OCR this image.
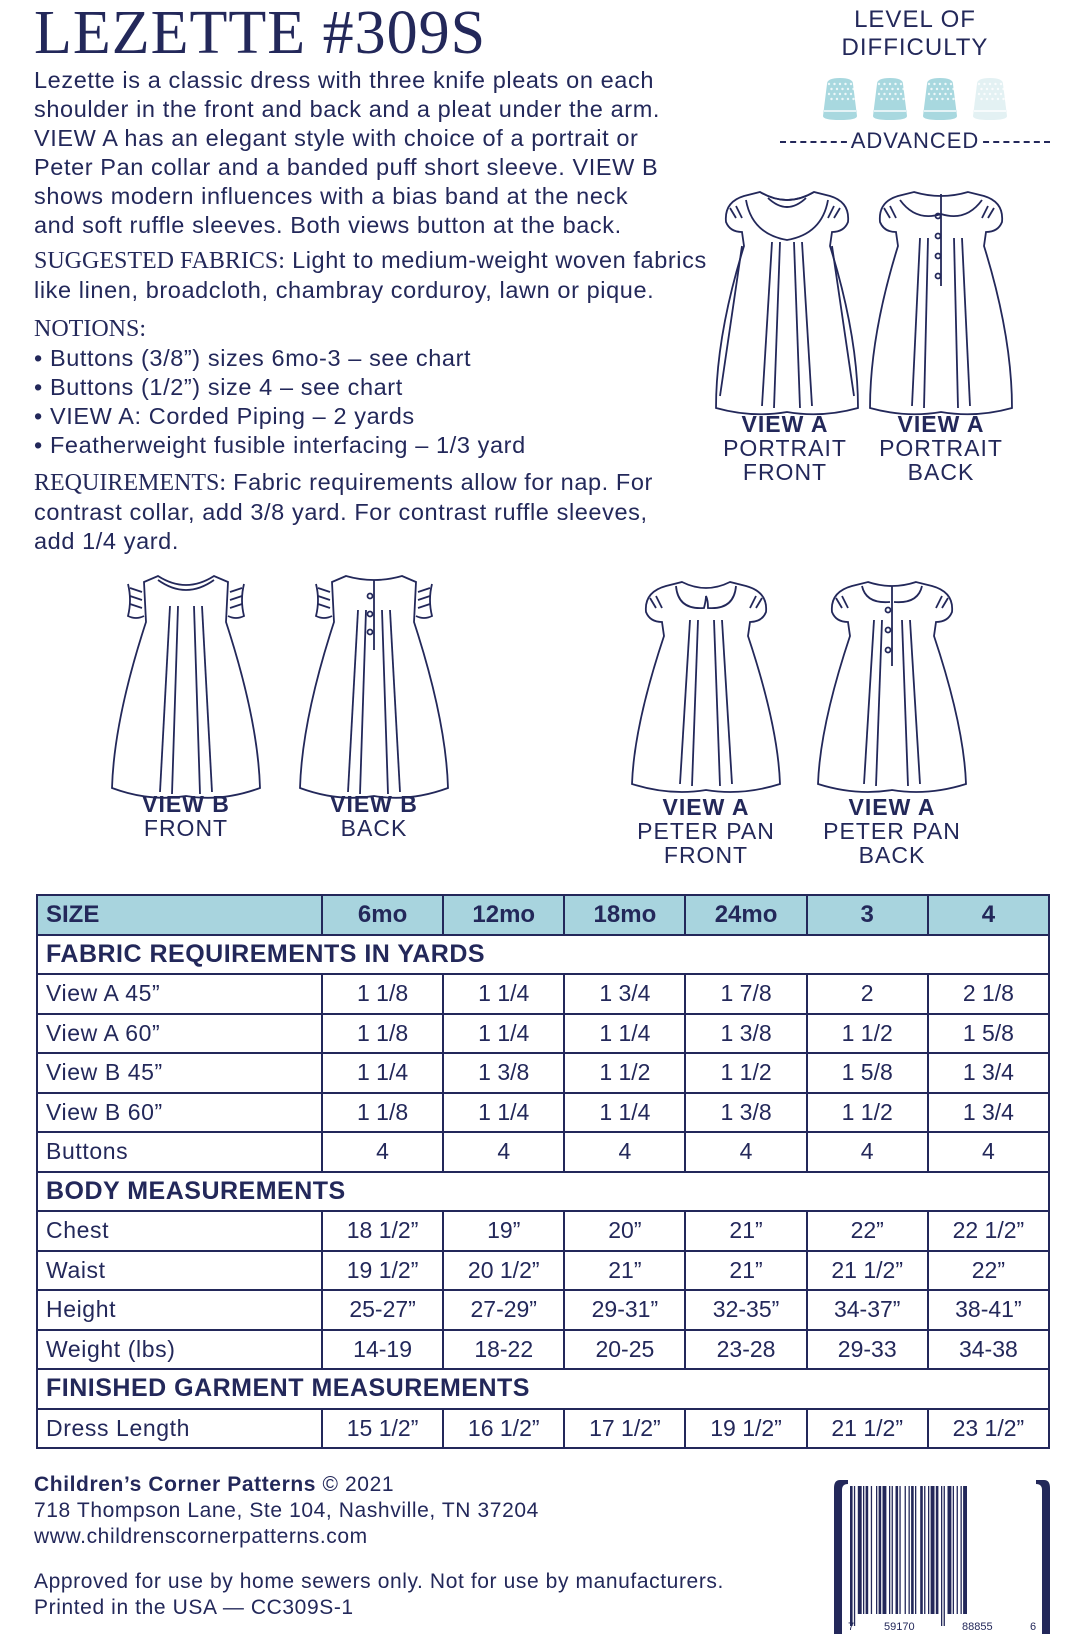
LEZETTE #309S	LEVEL OF DIFFICULTY
ADVANCED
Lezette is a classic dress with three knife pleats on each
shoulder in the front and back and a pleat under the arm.
VIEW A has an elegant style with choice of a portrait or
Peter Pan collar and a banded puff short sleeve. VIEW B
shows modern influences with a bias band at the neck
and soft ruffle sleeves. Both views button at the back.
SUGGESTED FABRICS: Light to medium-weight woven fabrics
like linen, broadcloth, chambray corduroy, lawn or pique.
NOTIONS:
• Buttons (3/8”) sizes 6mo-3 – see chart
• Buttons (1/2”) size 4 – see chart
• VIEW A: Corded Piping – 2 yards
• Featherweight fusible interfacing – 1/3 yard
REQUIREMENTS: Fabric requirements allow for nap. For
contrast collar, add 3/8 yard. For contrast ruffle sleeves,
add 1/4 yard.
VIEW A
PORTRAIT
FRONT
VIEW A
PORTRAIT
BACK
VIEW B
FRONT
VIEW B
BACK
VIEW A
PETER PAN
FRONT
VIEW A
PETER PAN
BACK
SIZE	6mo	12mo	18mo	24mo	3	4
FABRIC REQUIREMENTS IN YARDS						
View A 45”	1 1/8	1 1/4	1 3/4	1 7/8	2	2 1/8
View A 60”	1 1/8	1 1/4	1 1/4	1 3/8	1 1/2	1 5/8
View B 45”	1 1/4	1 3/8	1 1/2	1 1/2	1 5/8	1 3/4
View B 60”	1 1/8	1 1/4	1 1/4	1 3/8	1 1/2	1 3/4
Buttons	4	4	4	4	4	4
BODY MEASUREMENTS						
Chest	18 1/2”	19”	20”	21”	22”	22 1/2”
Waist	19 1/2”	20 1/2”	21”	21”	21 1/2”	22”
Height	25-27”	27-29”	29-31”	32-35”	34-37”	38-41”
Weight (lbs)	14-19	18-22	20-25	23-28	29-33	34-38
FINISHED GARMENT MEASUREMENTS						
Dress Length	15 1/2”	16 1/2”	17 1/2”	19 1/2”	21 1/2”	23 1/2”
Children’s Corner Patterns © 2021
718 Thompson Lane, Ste 104, Nashville, TN 37204
www.childrenscornerpatterns.com
Approved for use by home sewers only. Not for use by manufacturers.
Printed in the USA — CC309S-1
7	59170	88855	6
